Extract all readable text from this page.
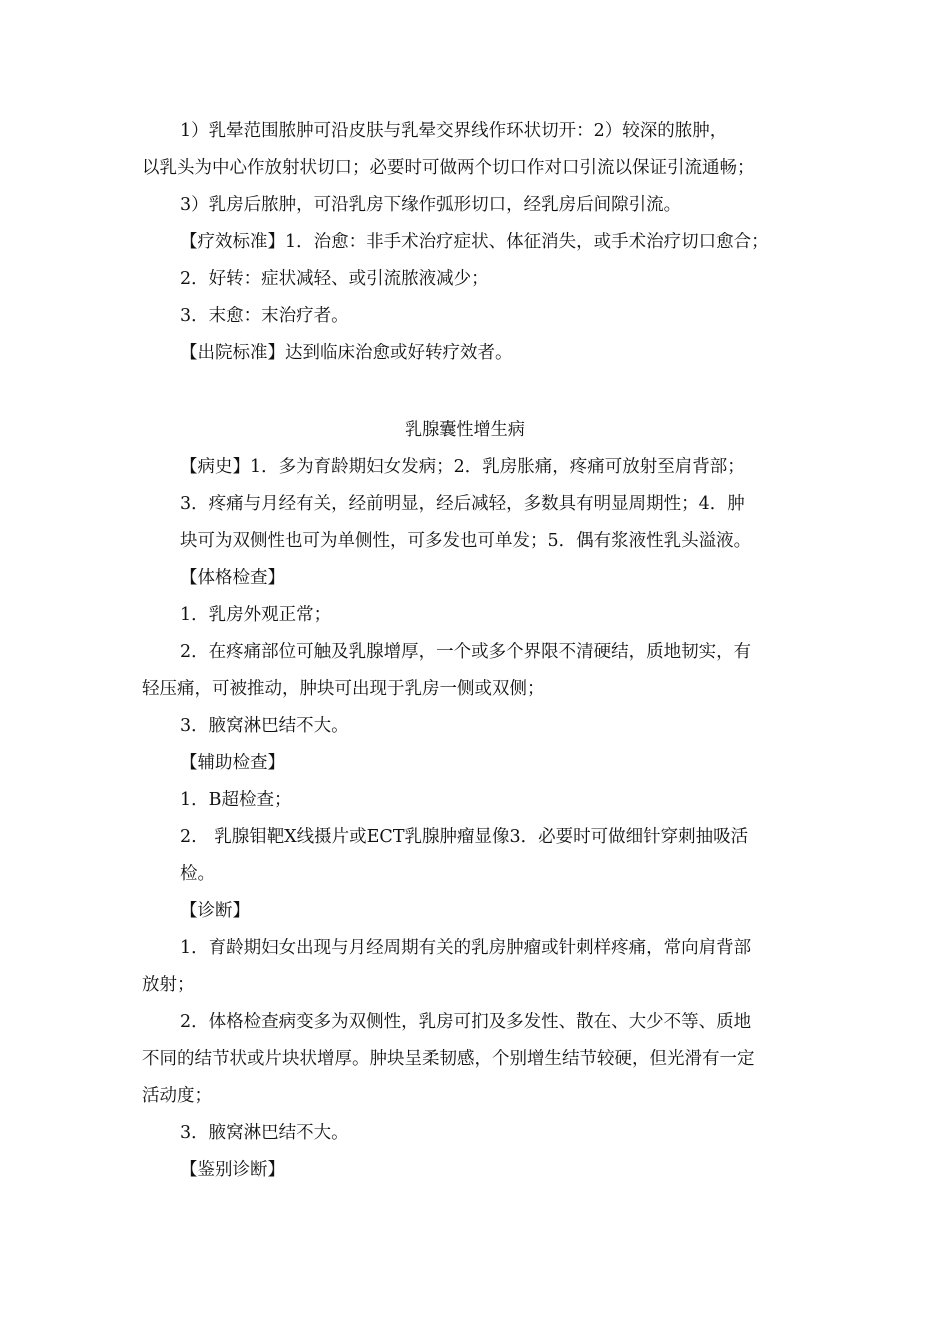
1）乳晕范围脓肿可沿皮肤与乳晕交界线作环状切开：2）较深的脓肿，
以乳头为中心作放射状切口；必要时可做两个切口作对口引流以保证引流通畅；
3）乳房后脓肿，可沿乳房下缘作弧形切口，经乳房后间隙引流。
【疗效标准】1．治愈：非手术治疗症状、体征消失，或手术治疗切口愈合；
2．好转：症状减轻、或引流脓液减少；
3．末愈：末治疗者。
【出院标准】达到临床治愈或好转疗效者。
乳腺囊性增生病
【病史】1．多为育龄期妇女发病；2．乳房胀痛，疼痛可放射至肩背部；
3．疼痛与月经有关，经前明显，经后减轻，多数具有明显周期性；4．肿
块可为双侧性也可为单侧性，可多发也可单发；5．偶有浆液性乳头溢液。
【体格检查】
1．乳房外观正常；
2．在疼痛部位可触及乳腺增厚，一个或多个界限不清硬结，质地韧实，有
轻压痛，可被推动，肿块可出现于乳房一侧或双侧；
3．腋窝淋巴结不大。
【辅助检查】
1．B超检查；
2.　乳腺钼靶X线摄片或ECT乳腺肿瘤显像3．必要时可做细针穿刺抽吸活
检。
【诊断】
1．育龄期妇女出现与月经周期有关的乳房肿瘤或针刺样疼痛，常向肩背部
放射；
2．体格检查病变多为双侧性，乳房可扪及多发性、散在、大少不等、质地
不同的结节状或片块状增厚。肿块呈柔韧感，个别增生结节较硬，但光滑有一定
活动度；
3．腋窝淋巴结不大。
【鉴别诊断】
